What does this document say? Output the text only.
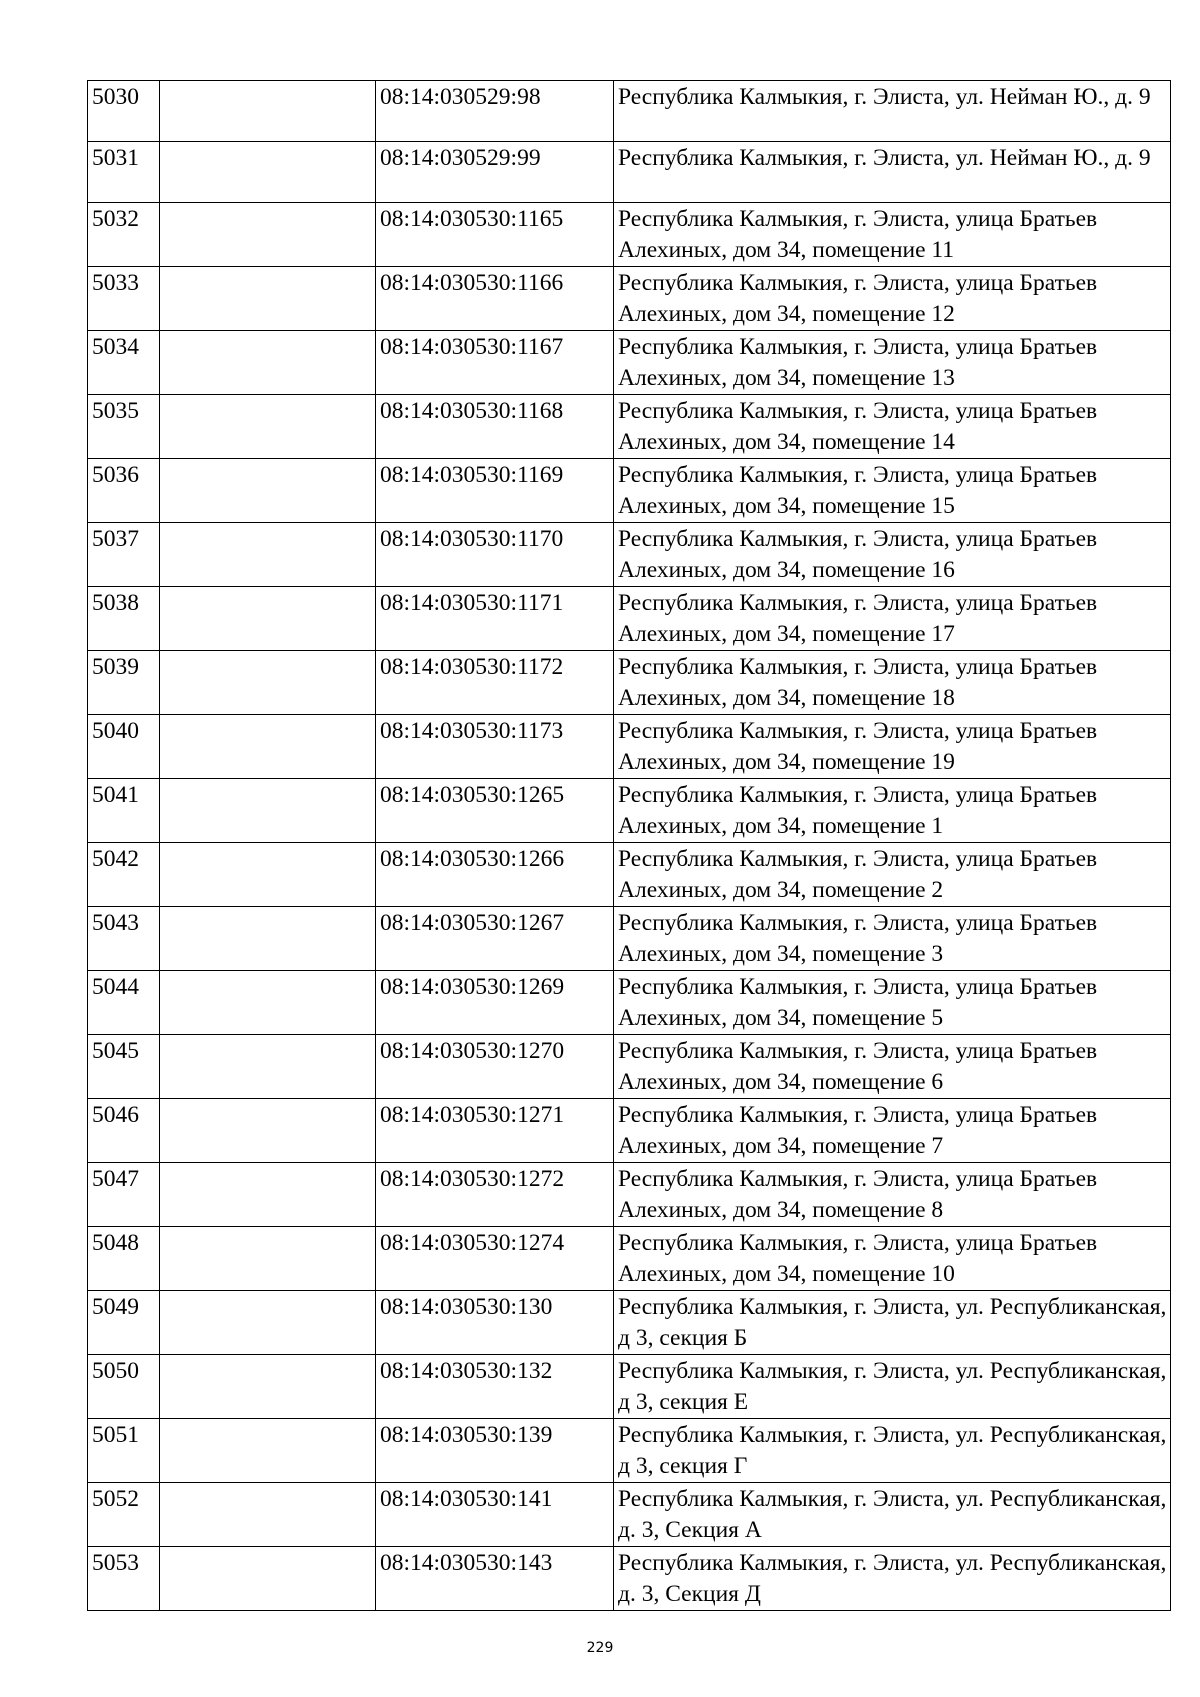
5030		08:14:030529:98	Республика Калмыкия, г. Элиста, ул. Нейман Ю., д. 9
5031		08:14:030529:99	Республика Калмыкия, г. Элиста, ул. Нейман Ю., д. 9
5032		08:14:030530:1165	Республика Калмыкия, г. Элиста, улица Братьев Алехиных, дом 34, помещение 11
5033		08:14:030530:1166	Республика Калмыкия, г. Элиста, улица Братьев Алехиных, дом 34, помещение 12
5034		08:14:030530:1167	Республика Калмыкия, г. Элиста, улица Братьев Алехиных, дом 34, помещение 13
5035		08:14:030530:1168	Республика Калмыкия, г. Элиста, улица Братьев Алехиных, дом 34, помещение 14
5036		08:14:030530:1169	Республика Калмыкия, г. Элиста, улица Братьев Алехиных, дом 34, помещение 15
5037		08:14:030530:1170	Республика Калмыкия, г. Элиста, улица Братьев Алехиных, дом 34, помещение 16
5038		08:14:030530:1171	Республика Калмыкия, г. Элиста, улица Братьев Алехиных, дом 34, помещение 17
5039		08:14:030530:1172	Республика Калмыкия, г. Элиста, улица Братьев Алехиных, дом 34, помещение 18
5040		08:14:030530:1173	Республика Калмыкия, г. Элиста, улица Братьев Алехиных, дом 34, помещение 19
5041		08:14:030530:1265	Республика Калмыкия, г. Элиста, улица Братьев Алехиных, дом 34, помещение 1
5042		08:14:030530:1266	Республика Калмыкия, г. Элиста, улица Братьев Алехиных, дом 34, помещение 2
5043		08:14:030530:1267	Республика Калмыкия, г. Элиста, улица Братьев Алехиных, дом 34, помещение 3
5044		08:14:030530:1269	Республика Калмыкия, г. Элиста, улица Братьев Алехиных, дом 34, помещение 5
5045		08:14:030530:1270	Республика Калмыкия, г. Элиста, улица Братьев Алехиных, дом 34, помещение 6
5046		08:14:030530:1271	Республика Калмыкия, г. Элиста, улица Братьев Алехиных, дом 34, помещение 7
5047		08:14:030530:1272	Республика Калмыкия, г. Элиста, улица Братьев Алехиных, дом 34, помещение 8
5048		08:14:030530:1274	Республика Калмыкия, г. Элиста, улица Братьев Алехиных, дом 34, помещение 10
5049		08:14:030530:130	Республика Калмыкия, г. Элиста, ул. Республиканская, д 3, секция Б
5050		08:14:030530:132	Республика Калмыкия, г. Элиста, ул. Республиканская, д 3, секция Е
5051		08:14:030530:139	Республика Калмыкия, г. Элиста, ул. Республиканская, д 3, секция Г
5052		08:14:030530:141	Республика Калмыкия, г. Элиста, ул. Республиканская, д. 3, Секция А
5053		08:14:030530:143	Республика Калмыкия, г. Элиста, ул. Республиканская, д. 3, Секция Д
229
